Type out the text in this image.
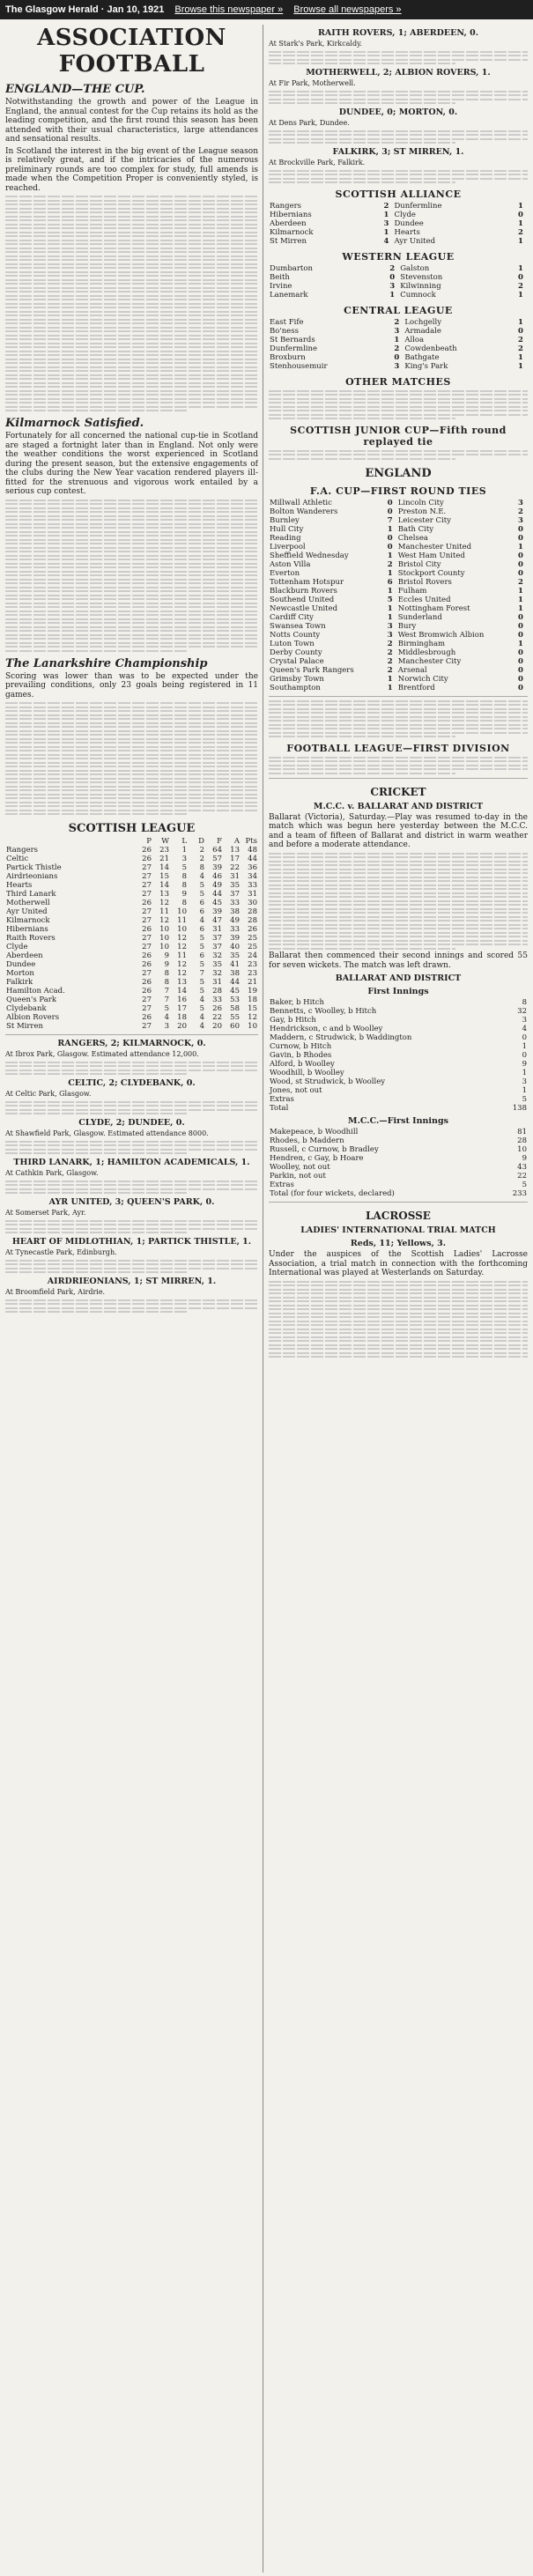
The Glasgow Herald · Jan 10, 1921 Browse this newspaper » Browse all newspapers »
ASSOCIATION FOOTBALL
ENGLAND—THE CUP.

Notwithstanding the growth and power of the League in England, the annual contest for the Cup retains its hold as the leading competition, and the first round this season has been attended with their usual characteristics, large attendances and sensational results.

In Scotland the interest in the big event of the League season is relatively great, and if the intricacies of the numerous preliminary rounds are too complex for study, full amends is made when the Competition Proper is conveniently styled, is reached.

Kilmarnock Satisfied.

Fortunately for all concerned the national cup-tie in Scotland are staged a fortnight later than in England. Not only were the weather conditions the worst experienced in Scotland during the present season, but the extensive engagements of the clubs during the New Year vacation rendered players ill-fitted for the strenuous and vigorous work entailed by a serious cup contest.

The Lanarkshire Championship

Scoring was lower than was to be expected under the prevailing conditions, only 23 goals being registered in 11 games.

SCOTTISH LEAGUE
	P	W	L	D	F	A	Pts
Rangers	26	23	1	2	64	13	48
Celtic	26	21	3	2	57	17	44
Partick Thistle	27	14	5	8	39	22	36
Airdrieonians	27	15	8	4	46	31	34
Hearts	27	14	8	5	49	35	33
Third Lanark	27	13	9	5	44	37	31
Motherwell	26	12	8	6	45	33	30
Ayr United	27	11	10	6	39	38	28
Kilmarnock	27	12	11	4	47	49	28
Hibernians	26	10	10	6	31	33	26
Raith Rovers	27	10	12	5	37	39	25
Clyde	27	10	12	5	37	40	25
Aberdeen	26	9	11	6	32	35	24
Dundee	26	9	12	5	35	41	23
Morton	27	8	12	7	32	38	23
Falkirk	26	8	13	5	31	44	21
Hamilton Acad.	26	7	14	5	28	45	19
Queen's Park	27	7	16	4	33	53	18
Clydebank	27	5	17	5	26	58	15
Albion Rovers	26	4	18	4	22	55	12
St Mirren	27	3	20	4	20	60	10
RANGERS, 2; KILMARNOCK, 0.

At Ibrox Park, Glasgow. Estimated attendance 12,000.

CELTIC, 2; CLYDEBANK, 0.

At Celtic Park, Glasgow.

CLYDE, 2; DUNDEE, 0.

At Shawfield Park, Glasgow. Estimated attendance 8000.

THIRD LANARK, 1; HAMILTON ACADEMICALS, 1.

At Cathkin Park, Glasgow.

AYR UNITED, 3; QUEEN'S PARK, 0.

At Somerset Park, Ayr.

HEART OF MIDLOTHIAN, 1; PARTICK THISTLE, 1.

At Tynecastle Park, Edinburgh.

AIRDRIEONIANS, 1; ST MIRREN, 1.

At Broomfield Park, Airdrie.

RAITH ROVERS, 1; ABERDEEN, 0.

At Stark's Park, Kirkcaldy.

MOTHERWELL, 2; ALBION ROVERS, 1.

At Fir Park, Motherwell.

DUNDEE, 0; MORTON, 0.

At Dens Park, Dundee.

FALKIRK, 3; ST MIRREN, 1.

At Brockville Park, Falkirk.

SCOTTISH ALLIANCE
Rangers	2	Dunfermline	1
Hibernians	1	Clyde	0
Aberdeen	3	Dundee	1
Kilmarnock	1	Hearts	2
St Mirren	4	Ayr United	1
WESTERN LEAGUE
Dumbarton	2	Galston	1
Beith	0	Stevenston	0
Irvine	3	Kilwinning	2
Lanemark	1	Cumnock	1
CENTRAL LEAGUE
East Fife	2	Lochgelly	1
Bo'ness	3	Armadale	0
St Bernards	1	Alloa	2
Dunfermline	2	Cowdenbeath	2
Broxburn	0	Bathgate	1
Stenhousemuir	3	King's Park	1
OTHER MATCHES
SCOTTISH JUNIOR CUP—Fifth round replayed tie
ENGLAND
F.A. CUP—FIRST ROUND TIES
Millwall Athletic	0	Lincoln City	3
Bolton Wanderers	0	Preston N.E.	2
Burnley	7	Leicester City	3
Hull City	1	Bath City	0
Reading	0	Chelsea	0
Liverpool	0	Manchester United	1
Sheffield Wednesday	1	West Ham United	0
Aston Villa	2	Bristol City	0
Everton	1	Stockport County	0
Tottenham Hotspur	6	Bristol Rovers	2
Blackburn Rovers	1	Fulham	1
Southend United	5	Eccles United	1
Newcastle United	1	Nottingham Forest	1
Cardiff City	1	Sunderland	0
Swansea Town	3	Bury	0
Notts County	3	West Bromwich Albion	0
Luton Town	2	Birmingham	1
Derby County	2	Middlesbrough	0
Crystal Palace	2	Manchester City	0
Queen's Park Rangers	2	Arsenal	0
Grimsby Town	1	Norwich City	0
Southampton	1	Brentford	0
FOOTBALL LEAGUE—FIRST DIVISION
CRICKET
M.C.C. v. BALLARAT AND DISTRICT

Ballarat (Victoria), Saturday.—Play was resumed to-day in the match which was begun here yesterday between the M.C.C. and a team of fifteen of Ballarat and district in warm weather and before a moderate attendance.

Ballarat then commenced their second innings and scored 55 for seven wickets. The match was left drawn.

BALLARAT AND DISTRICT
First Innings
Baker, b Hitch	8
Bennetts, c Woolley, b Hitch	32
Gay, b Hitch	3
Hendrickson, c and b Woolley	4
Maddern, c Strudwick, b Waddington	0
Curnow, b Hitch	1
Gavin, b Rhodes	0
Alford, b Woolley	9
Woodhill, b Woolley	1
Wood, st Strudwick, b Woolley	3
Jones, not out	1
Extras	5
Total	138
M.C.C.—First Innings
Makepeace, b Woodhill	81
Rhodes, b Maddern	28
Russell, c Curnow, b Bradley	10
Hendren, c Gay, b Hoare	9
Woolley, not out	43
Parkin, not out	22
Extras	5
Total (for four wickets, declared)	233
LACROSSE
LADIES' INTERNATIONAL TRIAL MATCH
Reds, 11; Yellows, 3.

Under the auspices of the Scottish Ladies' Lacrosse Association, a trial match in connection with the forthcoming International was played at Westerlands on Saturday.
